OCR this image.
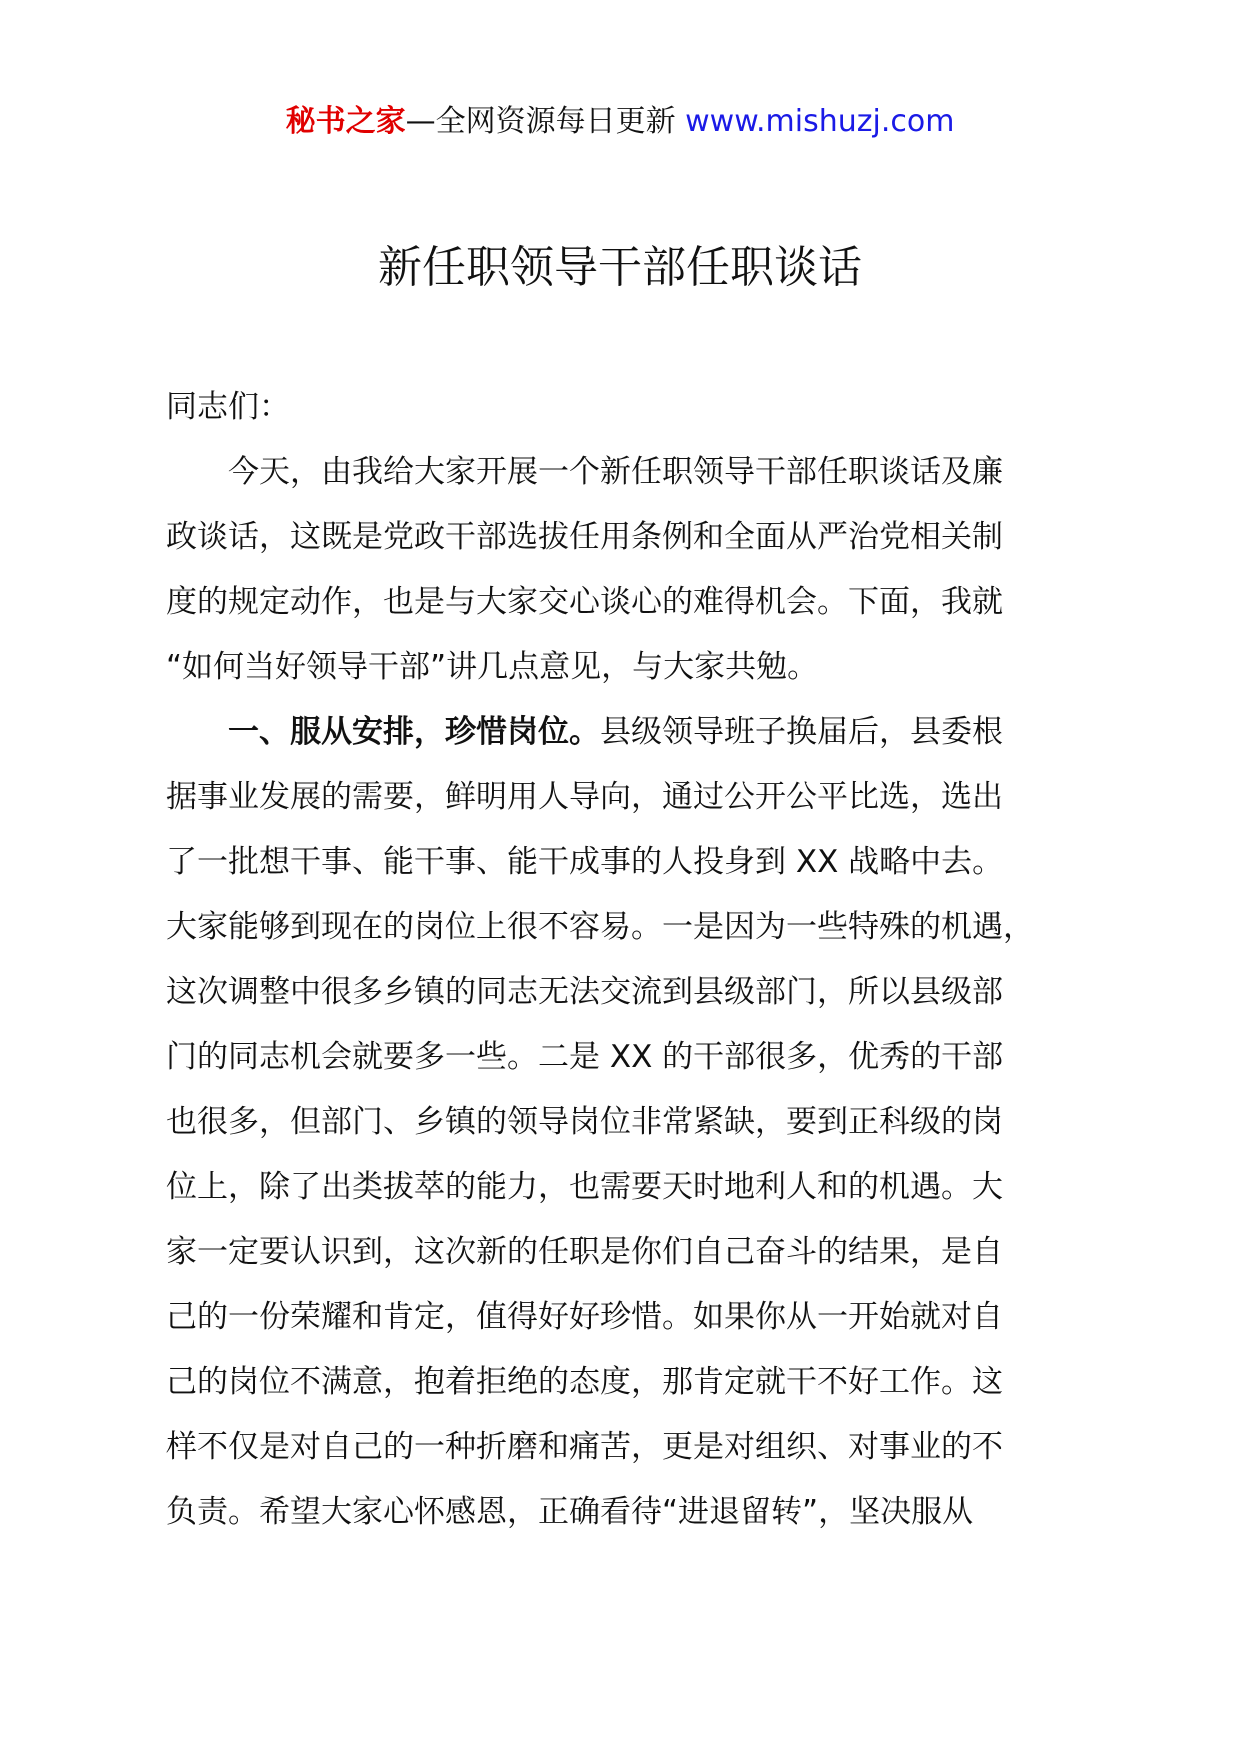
秘书之家—全网资源每日更新 www.mishuzj.com
新任职领导干部任职谈话
同志们：
今天，由我给大家开展一个新任职领导干部任职谈话及廉
政谈话，这既是党政干部选拔任用条例和全面从严治党相关制
度的规定动作，也是与大家交心谈心的难得机会。下面，我就
“如何当好领导干部”讲几点意见，与大家共勉。
一、服从安排，珍惜岗位。县级领导班子换届后，县委根
据事业发展的需要，鲜明用人导向，通过公开公平比选，选出
了一批想干事、能干事、能干成事的人投身到 XX 战略中去。
大家能够到现在的岗位上很不容易。一是因为一些特殊的机遇，
这次调整中很多乡镇的同志无法交流到县级部门，所以县级部
门的同志机会就要多一些。二是 XX 的干部很多，优秀的干部
也很多，但部门、乡镇的领导岗位非常紧缺，要到正科级的岗
位上，除了出类拔萃的能力，也需要天时地利人和的机遇。大
家一定要认识到，这次新的任职是你们自己奋斗的结果，是自
己的一份荣耀和肯定，值得好好珍惜。如果你从一开始就对自
己的岗位不满意，抱着拒绝的态度，那肯定就干不好工作。这
样不仅是对自己的一种折磨和痛苦，更是对组织、对事业的不
负责。希望大家心怀感恩，正确看待“进退留转”，坚决服从
